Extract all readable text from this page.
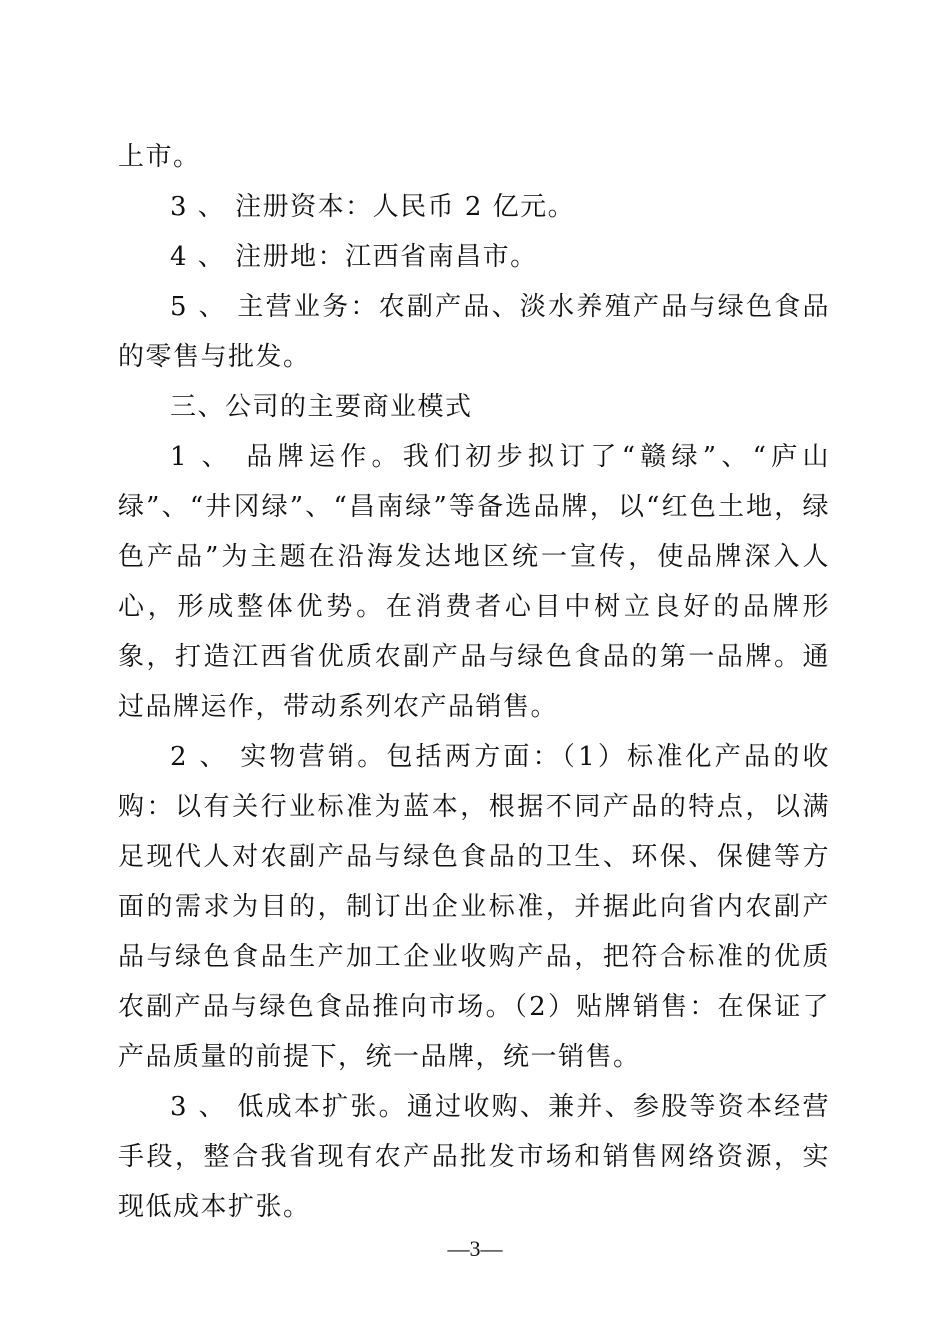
上市。

3 、 注册资本：人民币 2 亿元。

4 、 注册地：江西省南昌市。

5 、 主营业务：农副产品、淡水养殖产品与绿色食品的零售与批发。

三、公司的主要商业模式

1 、 品牌运作。我们初步拟订了“赣绿”、“庐山绿”、“井冈绿”、“昌南绿”等备选品牌，以“红色土地，绿色产品”为主题在沿海发达地区统一宣传，使品牌深入人心，形成整体优势。在消费者心目中树立良好的品牌形象，打造江西省优质农副产品与绿色食品的第一品牌。通过品牌运作，带动系列农产品销售。

2 、 实物营销。包括两方面：（1）标准化产品的收购：以有关行业标准为蓝本，根据不同产品的特点，以满足现代人对农副产品与绿色食品的卫生、环保、保健等方面的需求为目的，制订出企业标准，并据此向省内农副产品与绿色食品生产加工企业收购产品，把符合标准的优质农副产品与绿色食品推向市场。（2）贴牌销售：在保证了产品质量的前提下，统一品牌，统一销售。

3 、 低成本扩张。通过收购、兼并、参股等资本经营手段，整合我省现有农产品批发市场和销售网络资源，实现低成本扩张。

—3—
